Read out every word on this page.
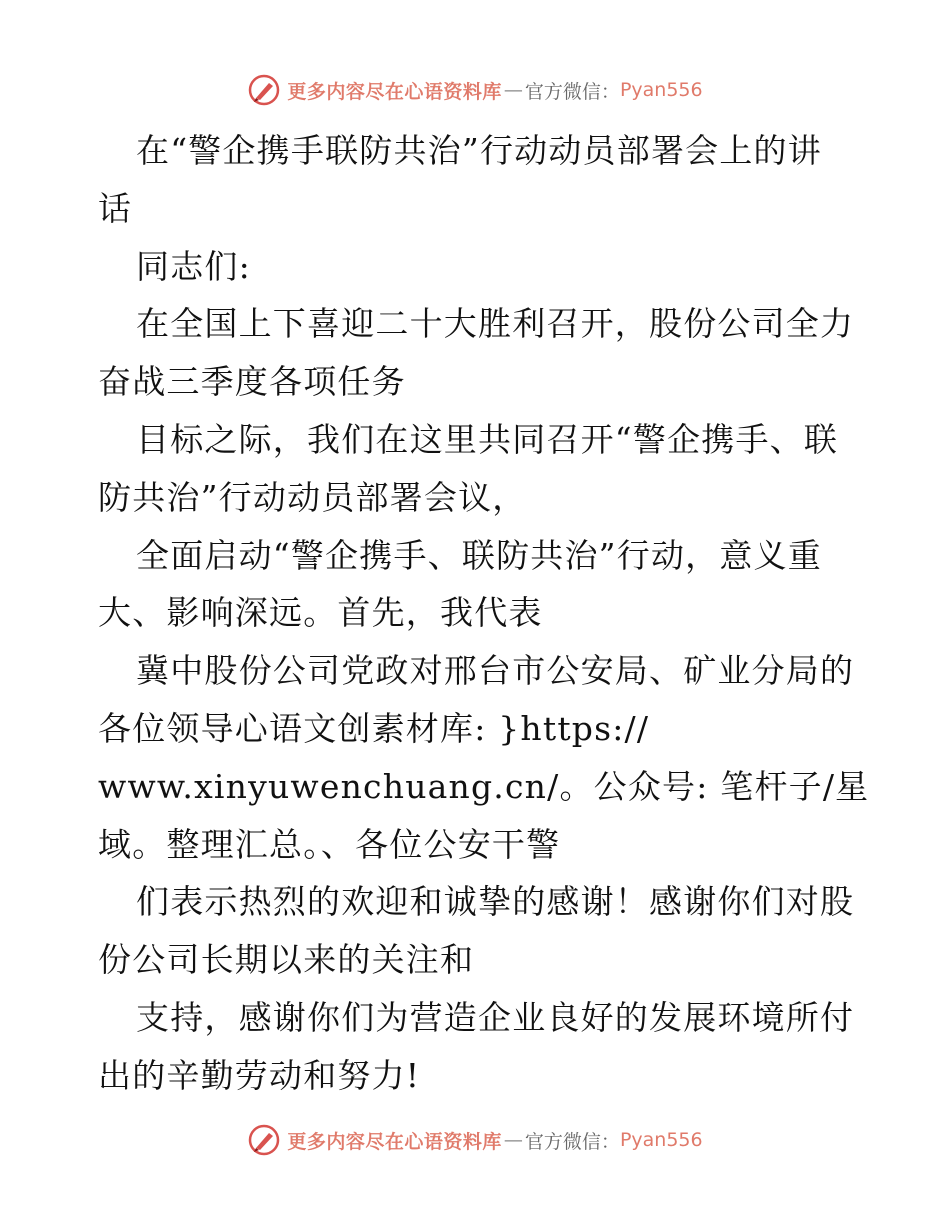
更多内容尽在心语资料库 — 官方微信： Pyan556
在“警企携手联防共治”行动动员部署会上的讲
话
同志们:
在全国上下喜迎二十大胜利召开，股份公司全力
奋战三季度各项任务
目标之际，我们在这里共同召开“警企携手、联
防共治”行动动员部署会议，
全面启动“警企携手、联防共治”行动，意义重
大、影响深远。首先，我代表
冀中股份公司党政对邢台市公安局、矿业分局的
各位领导心语文创素材库: }https://
www.xinyuwenchuang.cn/。公众号: 笔杆子/星
域。整理汇总。、各位公安干警
们表示热烈的欢迎和诚挚的感谢！感谢你们对股
份公司长期以来的关注和
支持，感谢你们为营造企业良好的发展环境所付
出的辛勤劳动和努力!
更多内容尽在心语资料库 — 官方微信： Pyan556
